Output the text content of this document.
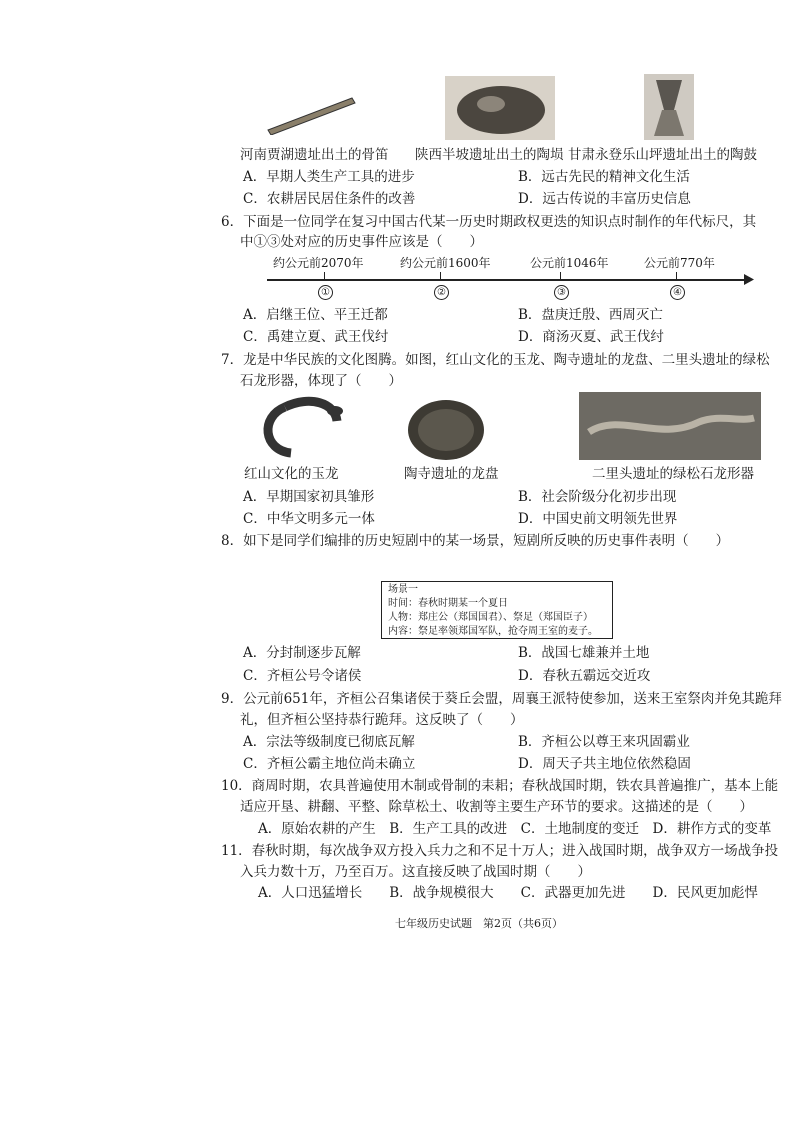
河南贾湖遗址出土的骨笛 陕西半坡遗址出土的陶埙 甘肃永登乐山坪遗址出土的陶鼓
A．早期人类生产工具的进步	B．远古先民的精神文化生活
C．农耕居民居住条件的改善	D．远古传说的丰富历史信息
6．下面是一位同学在复习中国古代某一历史时期政权更迭的知识点时制作的年代标尺，其
中①③处对应的历史事件应该是（　　）
约公元前2070年	约公元前1600年	公元前1046年	公元前770年
①	②	③	④
A．启继王位、平王迁都	B．盘庚迁殷、西周灭亡
C．禹建立夏、武王伐纣	D．商汤灭夏、武王伐纣
7．龙是中华民族的文化图腾。如图，红山文化的玉龙、陶寺遗址的龙盘、二里头遗址的绿松
石龙形器，体现了（　　）
红山文化的玉龙	陶寺遗址的龙盘	二里头遗址的绿松石龙形器
A．早期国家初具雏形	B．社会阶级分化初步出现
C．中华文明多元一体	D．中国史前文明领先世界
8．如下是同学们编排的历史短剧中的某一场景，短剧所反映的历史事件表明（　　）
场景一
时间：春秋时期某一个夏日
人物：郑庄公（郑国国君）、祭足（郑国臣子）
内容：祭足率领郑国军队，抢夺周王室的麦子。
A．分封制逐步瓦解	B．战国七雄兼并土地
C．齐桓公号令诸侯	D．春秋五霸远交近攻
9．公元前651年，齐桓公召集诸侯于葵丘会盟，周襄王派特使参加，送来王室祭肉并免其跪拜
礼，但齐桓公坚持恭行跪拜。这反映了（　　）
A．宗法等级制度已彻底瓦解	B．齐桓公以尊王来巩固霸业
C．齐桓公霸主地位尚未确立	D．周天子共主地位依然稳固
10．商周时期，农具普遍使用木制或骨制的耒耜；春秋战国时期，铁农具普遍推广，基本上能
适应开垦、耕翻、平整、除草松土、收割等主要生产环节的要求。这描述的是（　　）
A．原始农耕的产生　B．生产工具的改进　C．土地制度的变迁　D．耕作方式的变革
11．春秋时期，每次战争双方投入兵力之和不足十万人；进入战国时期，战争双方一场战争投
入兵力数十万，乃至百万。这直接反映了战国时期（　　）
A．人口迅猛增长　　B．战争规模很大　　C．武器更加先进　　D．民风更加彪悍
七年级历史试题　第2页（共6页）
